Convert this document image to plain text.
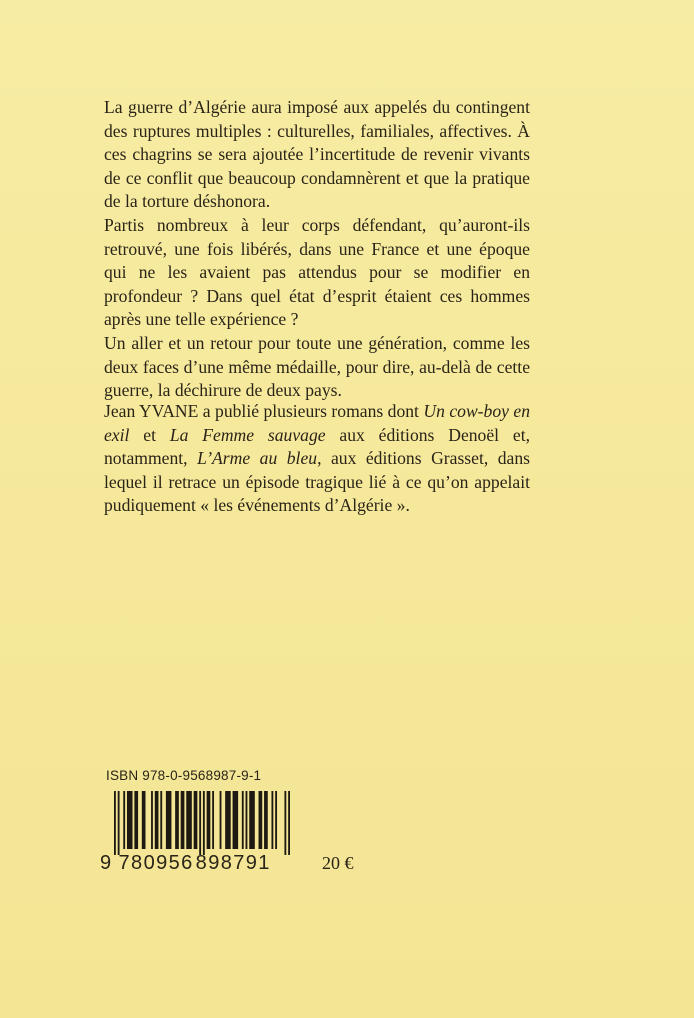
La guerre d’Algérie aura imposé aux appelés du contingent des ruptures multiples : culturelles, familiales, affectives. À ces chagrins se sera ajoutée l’incertitude de revenir vivants de ce conflit que beaucoup condamnèrent et que la pratique de la torture déshonora.

Partis nombreux à leur corps défendant, qu’auront-ils retrouvé, une fois libérés, dans une France et une époque qui ne les avaient pas attendus pour se modifier en profondeur ? Dans quel état d’esprit étaient ces hommes après une telle expérience ?

Un aller et un retour pour toute une génération, comme les deux faces d’une même médaille, pour dire, au-delà de cette guerre, la déchirure de deux pays.

Jean YVANE a publié plusieurs romans dont Un cow-boy en exil et La Femme sauvage aux éditions Denoël et, notamment, L’Arme au bleu, aux éditions Grasset, dans lequel il retrace un épisode tragique lié à ce qu’on appelait pudiquement « les événements d’Algérie ».

ISBN 978-0-9568987-9-1
9 780956 898791	20 €
